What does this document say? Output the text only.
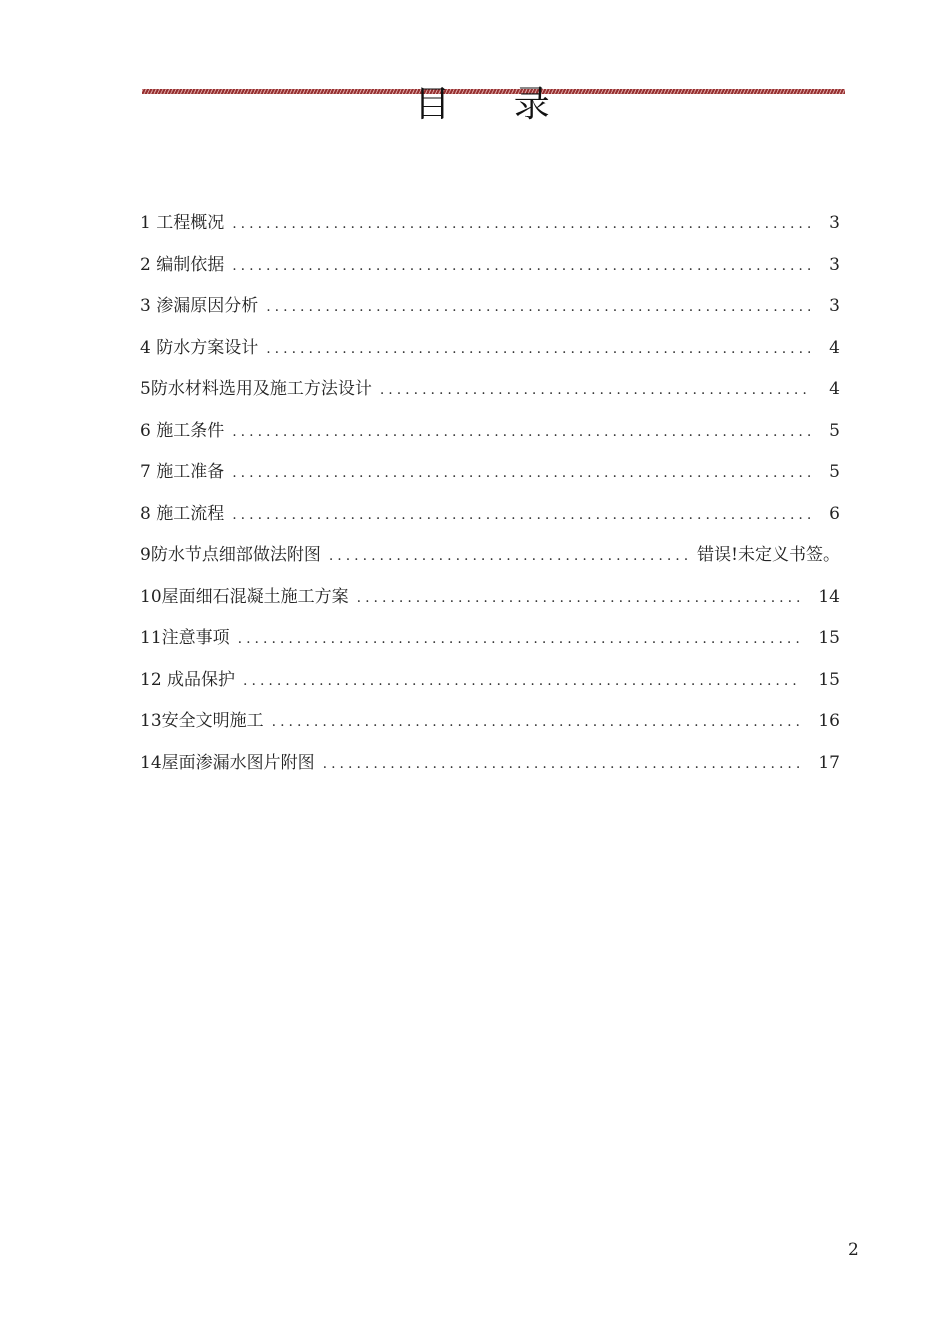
目 录
1 工程概况 .....	3
2 编制依据 .....	3
3 渗漏原因分析 .....	3
4 防水方案设计 .....	4
5防水材料选用及施工方法设计 .....	4
6 施工条件 .....	5
7 施工准备 .....	5
8 施工流程 .....	6
9防水节点细部做法附图 .....	错误!未定义书签。
10屋面细石混凝土施工方案 .....	14
11注意事项 .....	15
12 成品保护 .....	15
13安全文明施工 .....	16
14屋面渗漏水图片附图 .....	17
2
